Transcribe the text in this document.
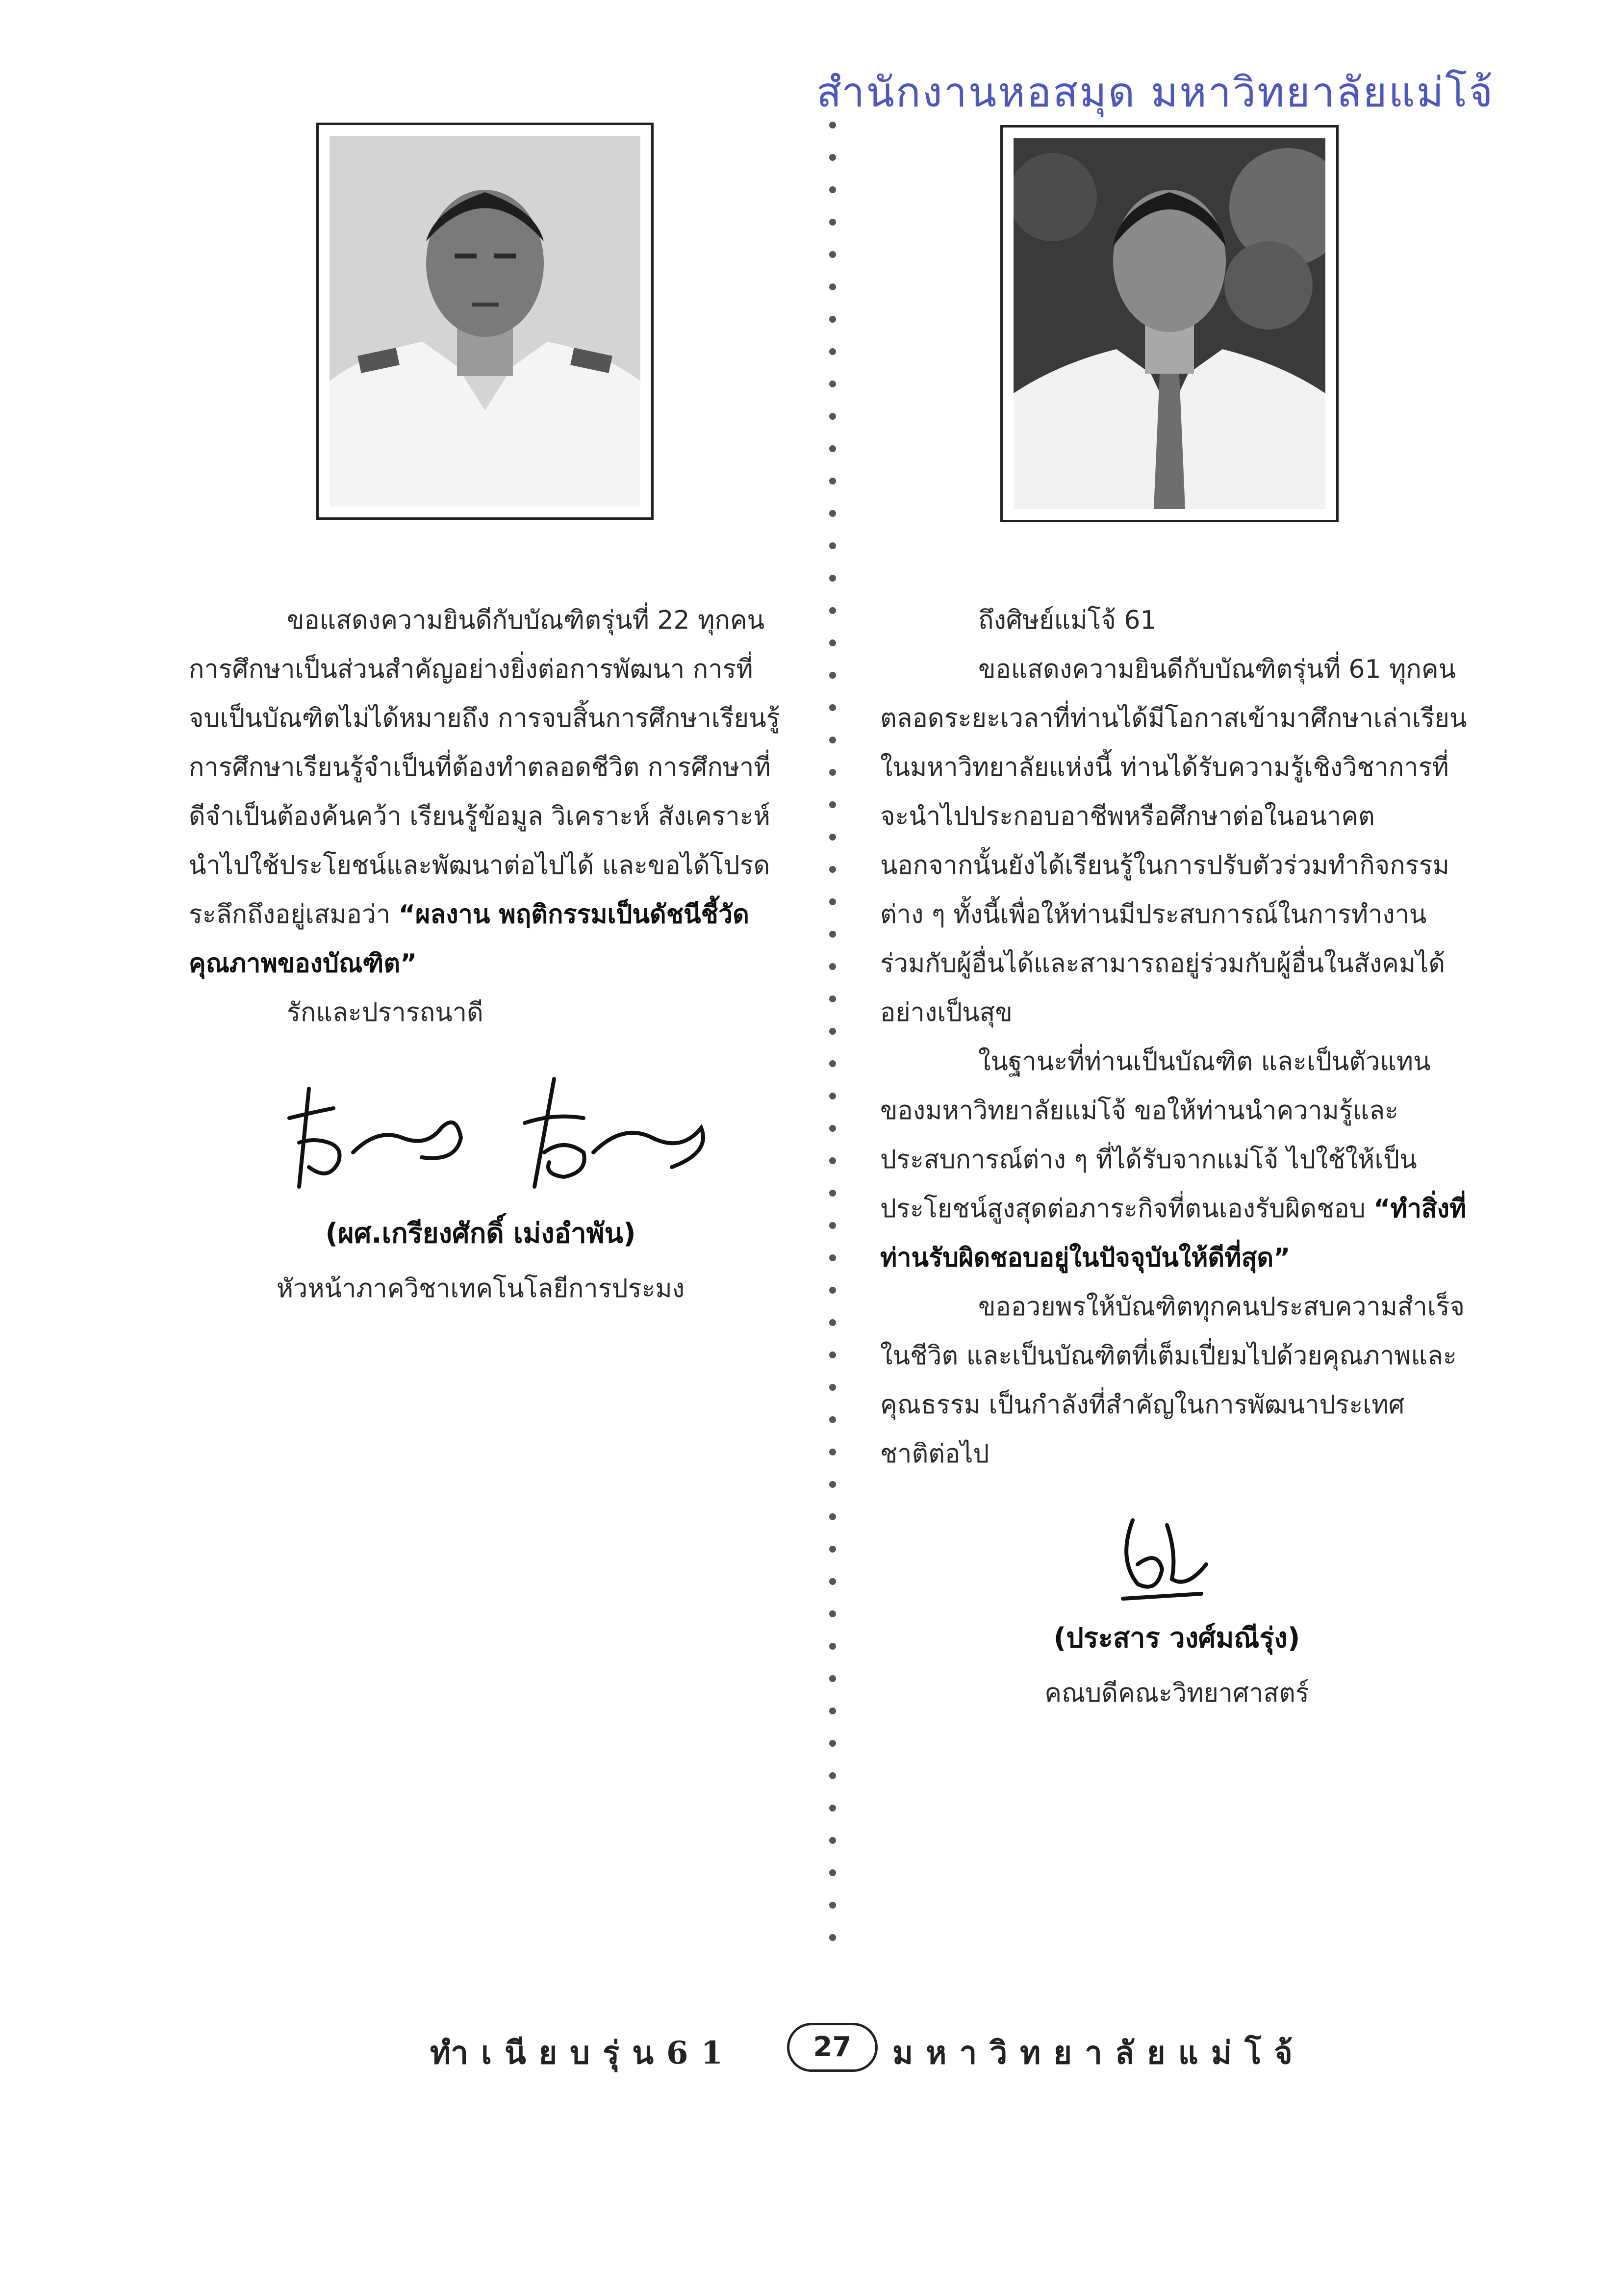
สำนักงานหอสมุด มหาวิทยาลัยแม่โจ้

ขอแสดงความยินดีกับบัณฑิตรุ่นที่ 22 ทุกคน

การศึกษาเป็นส่วนสำคัญอย่างยิ่งต่อการพัฒนา การที่

จบเป็นบัณฑิตไม่ได้หมายถึง การจบสิ้นการศึกษาเรียนรู้

การศึกษาเรียนรู้จำเป็นที่ต้องทำตลอดชีวิต การศึกษาที่

ดีจำเป็นต้องค้นคว้า เรียนรู้ข้อมูล วิเคราะห์ สังเคราะห์

นำไปใช้ประโยชน์และพัฒนาต่อไปได้ และขอได้โปรด

ระลึกถึงอยู่เสมอว่า “ผลงาน พฤติกรรมเป็นดัชนีชี้วัด

คุณภาพของบัณฑิต”

รักและปรารถนาดี

(ผศ.เกรียงศักดิ์ เม่งอำพัน)
หัวหน้าภาควิชาเทคโนโลยีการประมง

ถึงศิษย์แม่โจ้ 61

ขอแสดงความยินดีกับบัณฑิตรุ่นที่ 61 ทุกคน

ตลอดระยะเวลาที่ท่านได้มีโอกาสเข้ามาศึกษาเล่าเรียน

ในมหาวิทยาลัยแห่งนี้ ท่านได้รับความรู้เชิงวิชาการที่

จะนำไปประกอบอาชีพหรือศึกษาต่อในอนาคต

นอกจากนั้นยังได้เรียนรู้ในการปรับตัวร่วมทำกิจกรรม

ต่าง ๆ ทั้งนี้เพื่อให้ท่านมีประสบการณ์ในการทำงาน

ร่วมกับผู้อื่นได้และสามารถอยู่ร่วมกับผู้อื่นในสังคมได้

อย่างเป็นสุข

ในฐานะที่ท่านเป็นบัณฑิต และเป็นตัวแทน

ของมหาวิทยาลัยแม่โจ้ ขอให้ท่านนำความรู้และ

ประสบการณ์ต่าง ๆ ที่ได้รับจากแม่โจ้ ไปใช้ให้เป็น

ประโยชน์สูงสุดต่อภาระกิจที่ตนเองรับผิดชอบ “ทำสิ่งที่

ท่านรับผิดชอบอยู่ในปัจจุบันให้ดีที่สุด”

ขออวยพรให้บัณฑิตทุกคนประสบความสำเร็จ

ในชีวิต และเป็นบัณฑิตที่เต็มเปี่ยมไปด้วยคุณภาพและ

คุณธรรม เป็นกำลังที่สำคัญในการพัฒนาประเทศ

ชาติต่อไป

(ประสาร วงศ์มณีรุ่ง)
คณบดีคณะวิทยาศาสตร์
ทำเนียบรุ่น61	27	มหาวิทยาลัยแม่โจ้
